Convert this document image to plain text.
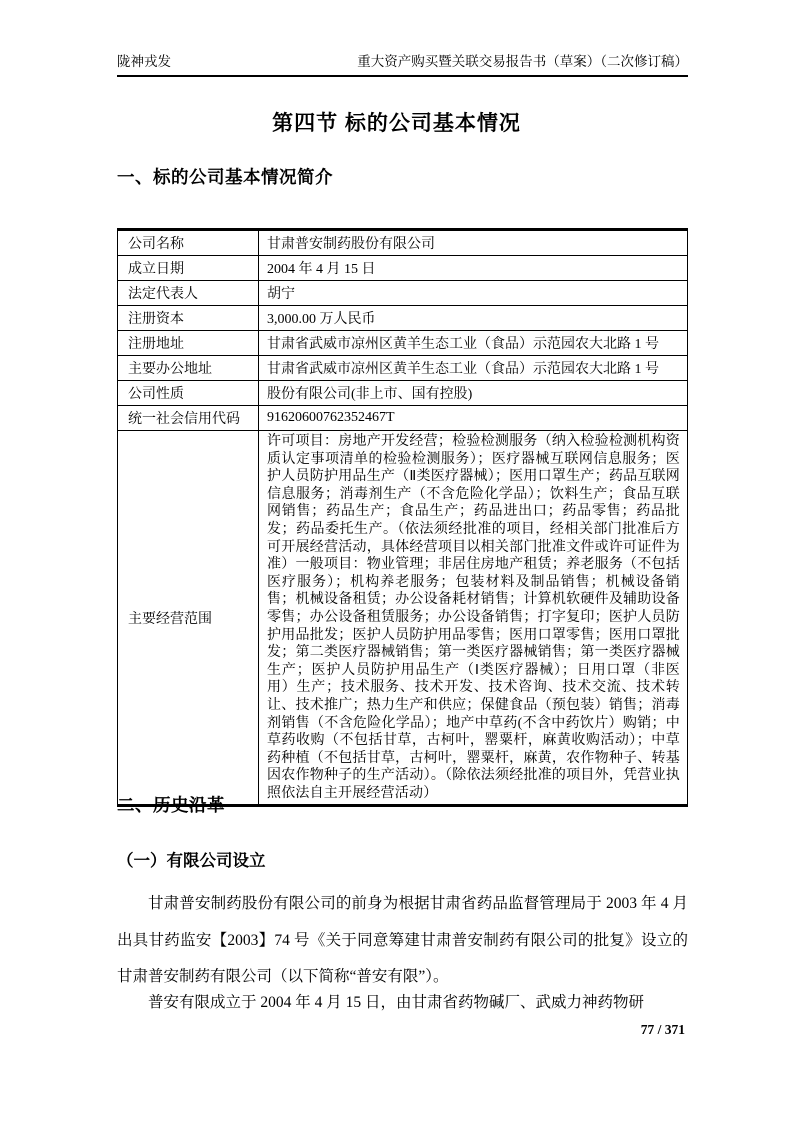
陇神戎发	重大资产购买暨关联交易报告书（草案）（二次修订稿）
第四节 标的公司基本情况
一、标的公司基本情况简介
公司名称	甘肃普安制药股份有限公司
成立日期	2004 年 4 月 15 日
法定代表人	胡宁
注册资本	3,000.00 万人民币
注册地址	甘肃省武威市凉州区黄羊生态工业（食品）示范园农大北路 1 号
主要办公地址	甘肃省武威市凉州区黄羊生态工业（食品）示范园农大北路 1 号
公司性质	股份有限公司(非上市、国有控股)
统一社会信用代码	91620600762352467T
主要经营范围	许可项目：房地产开发经营；检验检测服务（纳入检验检测机构资质认定事项清单的检验检测服务）；医疗器械互联网信息服务；医护人员防护用品生产（Ⅱ类医疗器械）；医用口罩生产；药品互联网信息服务；消毒剂生产（不含危险化学品）；饮料生产；食品互联网销售；药品生产；食品生产；药品进出口；药品零售；药品批发；药品委托生产。（依法须经批准的项目，经相关部门批准后方可开展经营活动，具体经营项目以相关部门批准文件或许可证件为准）一般项目：物业管理；非居住房地产租赁；养老服务（不包括医疗服务）；机构养老服务；包装材料及制品销售；机械设备销售；机械设备租赁；办公设备耗材销售；计算机软硬件及辅助设备零售；办公设备租赁服务；办公设备销售；打字复印；医护人员防护用品批发；医护人员防护用品零售；医用口罩零售；医用口罩批发；第二类医疗器械销售；第一类医疗器械销售；第一类医疗器械生产；医护人员防护用品生产（Ⅰ类医疗器械）；日用口罩（非医用）生产；技术服务、技术开发、技术咨询、技术交流、技术转让、技术推广；热力生产和供应；保健食品（预包装）销售；消毒剂销售（不含危险化学品）；地产中草药(不含中药饮片）购销；中草药收购（不包括甘草，古柯叶，罂粟杆，麻黄收购活动）；中草药种植（不包括甘草，古柯叶，罂粟杆，麻黄，农作物种子、转基因农作物种子的生产活动）。（除依法须经批准的项目外，凭营业执照依法自主开展经营活动）
二、历史沿革
（一）有限公司设立
甘肃普安制药股份有限公司的前身为根据甘肃省药品监督管理局于 2003 年 4 月出具甘药监安【2003】74 号《关于同意筹建甘肃普安制药有限公司的批复》设立的甘肃普安制药有限公司（以下简称“普安有限”）。
普安有限成立于 2004 年 4 月 15 日，由甘肃省药物碱厂、武威力神药物研
77 / 371
